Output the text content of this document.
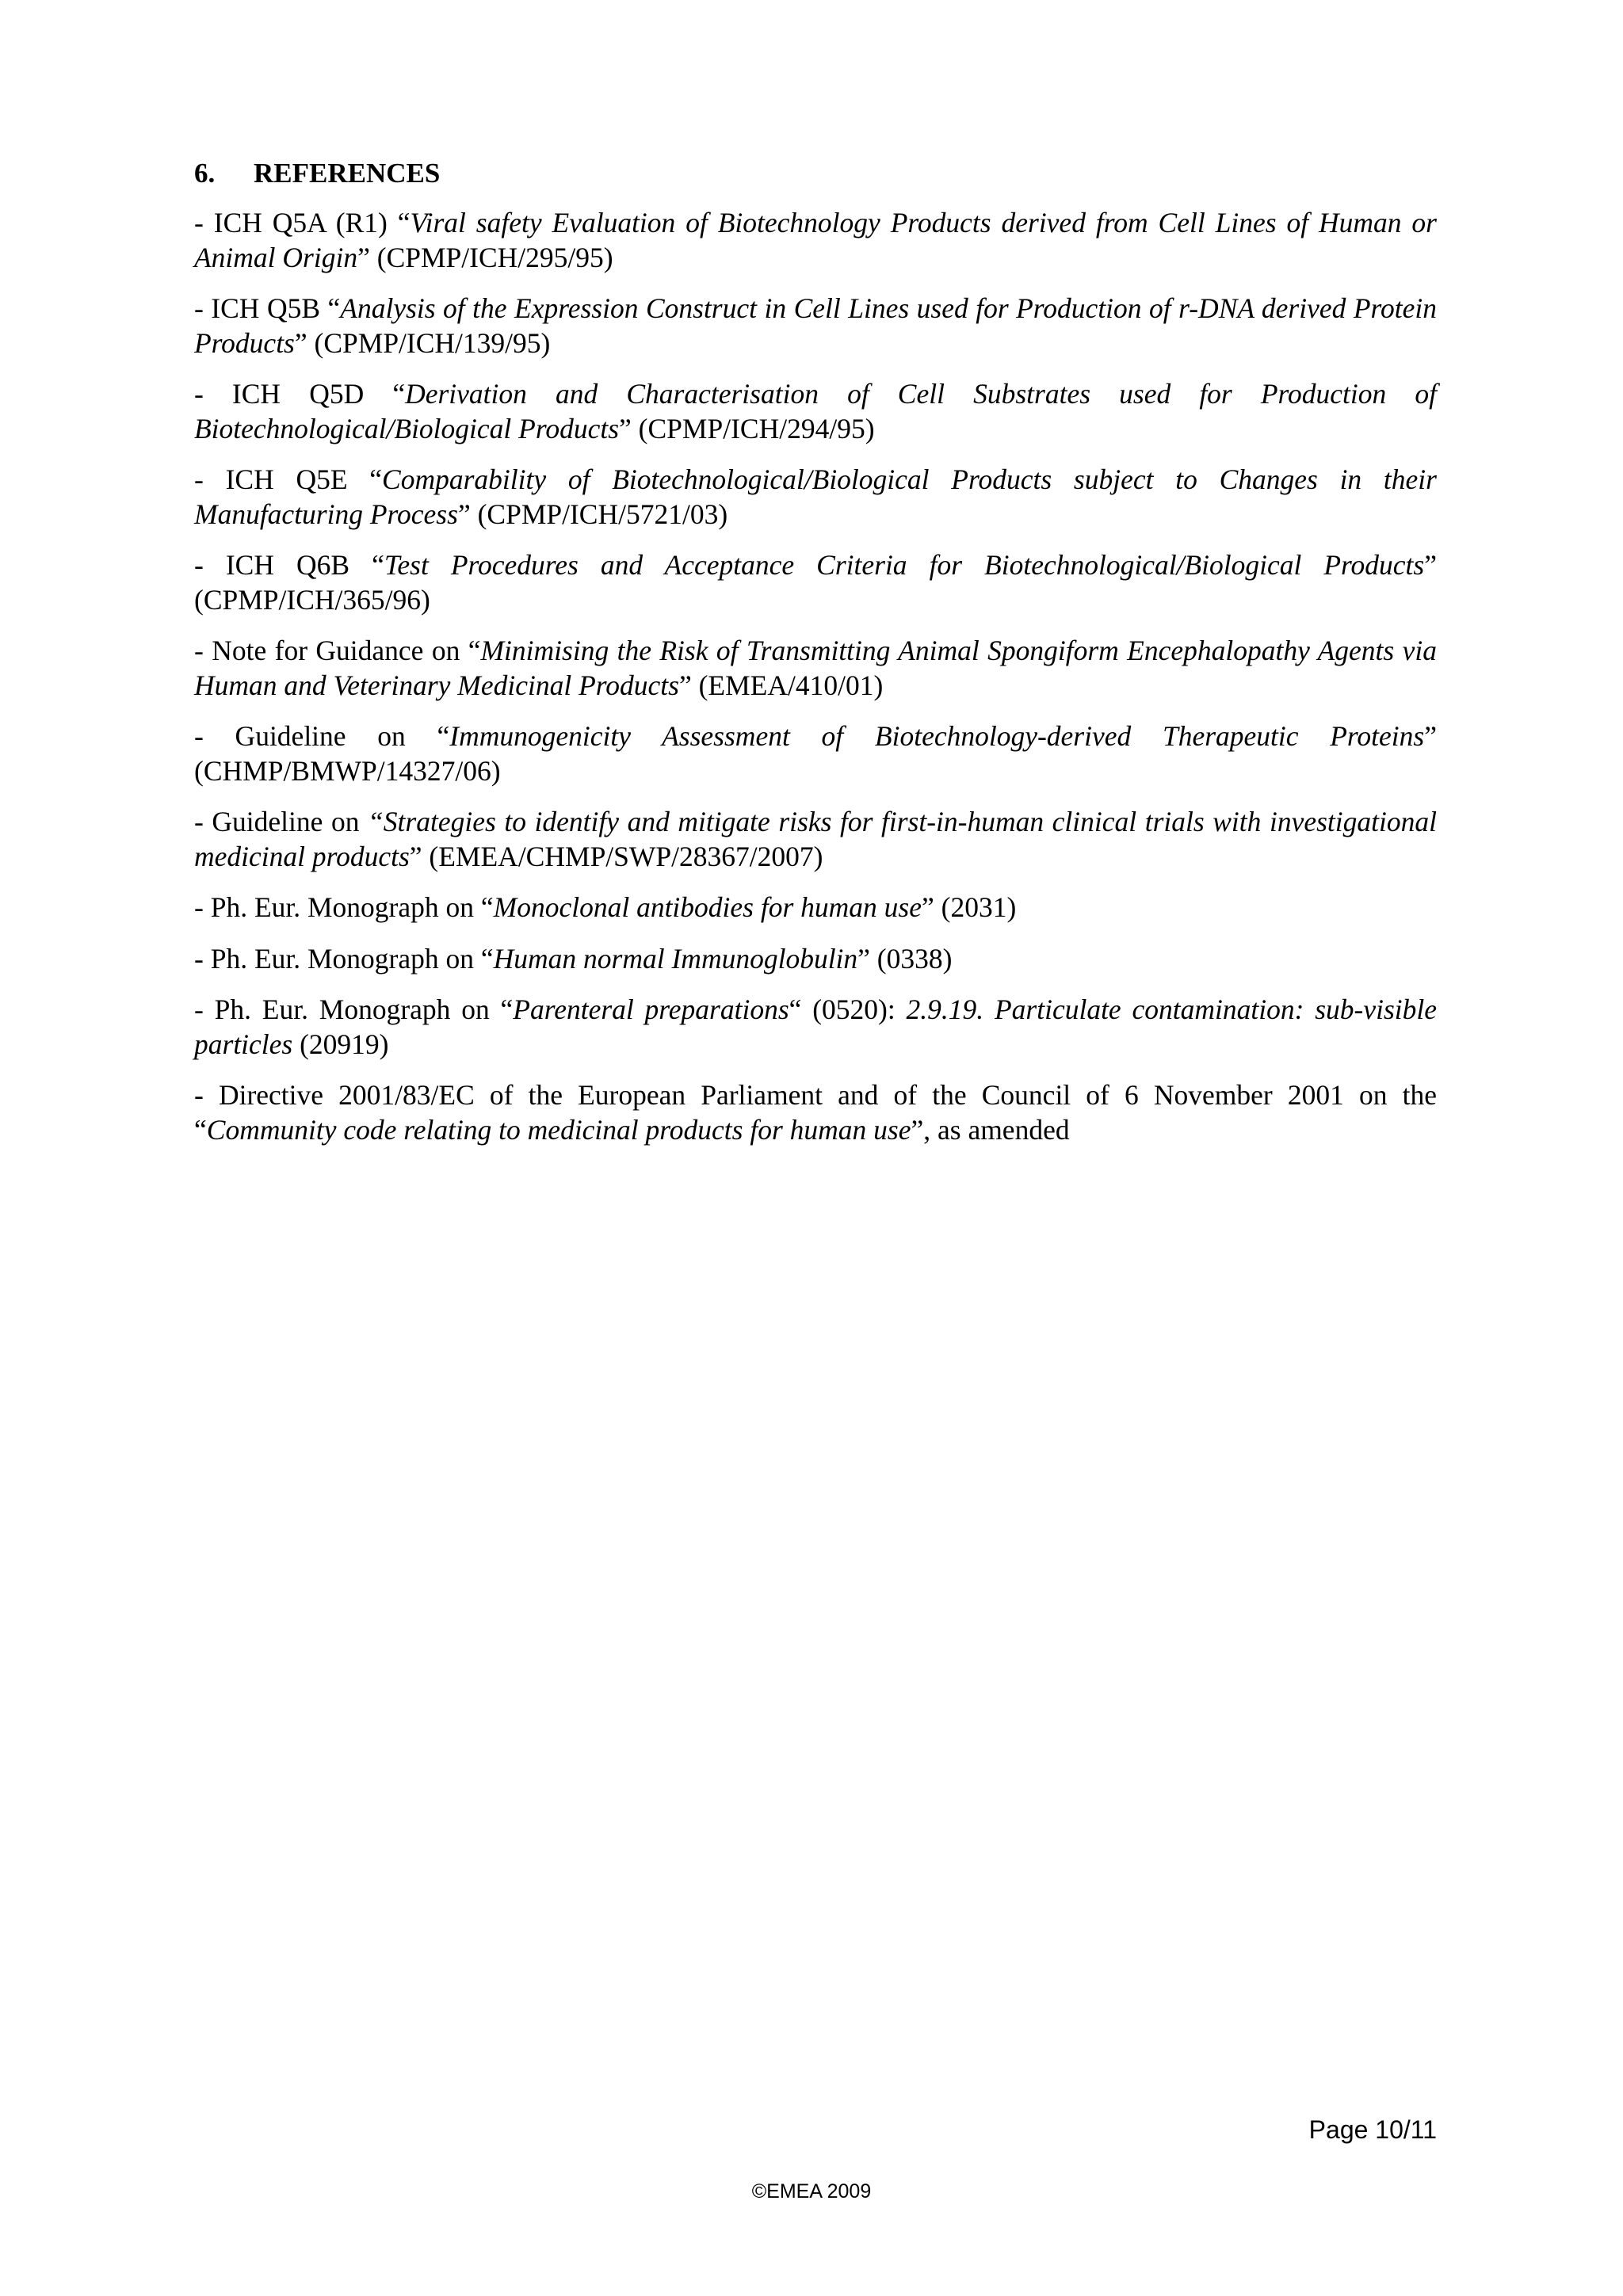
6. REFERENCES

- ICH Q5A (R1) “Viral safety Evaluation of Biotechnology Products derived from Cell Lines of Human or Animal Origin” (CPMP/ICH/295/95)

- ICH Q5B “Analysis of the Expression Construct in Cell Lines used for Production of r-DNA derived Protein Products” (CPMP/ICH/139/95)

- ICH Q5D “Derivation and Characterisation of Cell Substrates used for Production of Biotechnological/Biological Products” (CPMP/ICH/294/95)

- ICH Q5E “Comparability of Biotechnological/Biological Products subject to Changes in their Manufacturing Process” (CPMP/ICH/5721/03)

- ICH Q6B “Test Procedures and Acceptance Criteria for Biotechnological/Biological Products” (CPMP/ICH/365/96)

- Note for Guidance on “Minimising the Risk of Transmitting Animal Spongiform Encephalopathy Agents via Human and Veterinary Medicinal Products” (EMEA/410/01)

- Guideline on “Immunogenicity Assessment of Biotechnology-derived Therapeutic Proteins” (CHMP/BMWP/14327/06)

- Guideline on “Strategies to identify and mitigate risks for first-in-human clinical trials with investigational medicinal products” (EMEA/CHMP/SWP/28367/2007)

- Ph. Eur. Monograph on “Monoclonal antibodies for human use” (2031)

- Ph. Eur. Monograph on “Human normal Immunoglobulin” (0338)

- Ph. Eur. Monograph on “Parenteral preparations“ (0520): 2.9.19. Particulate contamination: sub-visible particles (20919)

- Directive 2001/83/EC of the European Parliament and of the Council of 6 November 2001 on the “Community code relating to medicinal products for human use”, as amended

Page 10/11
©EMEA 2009
